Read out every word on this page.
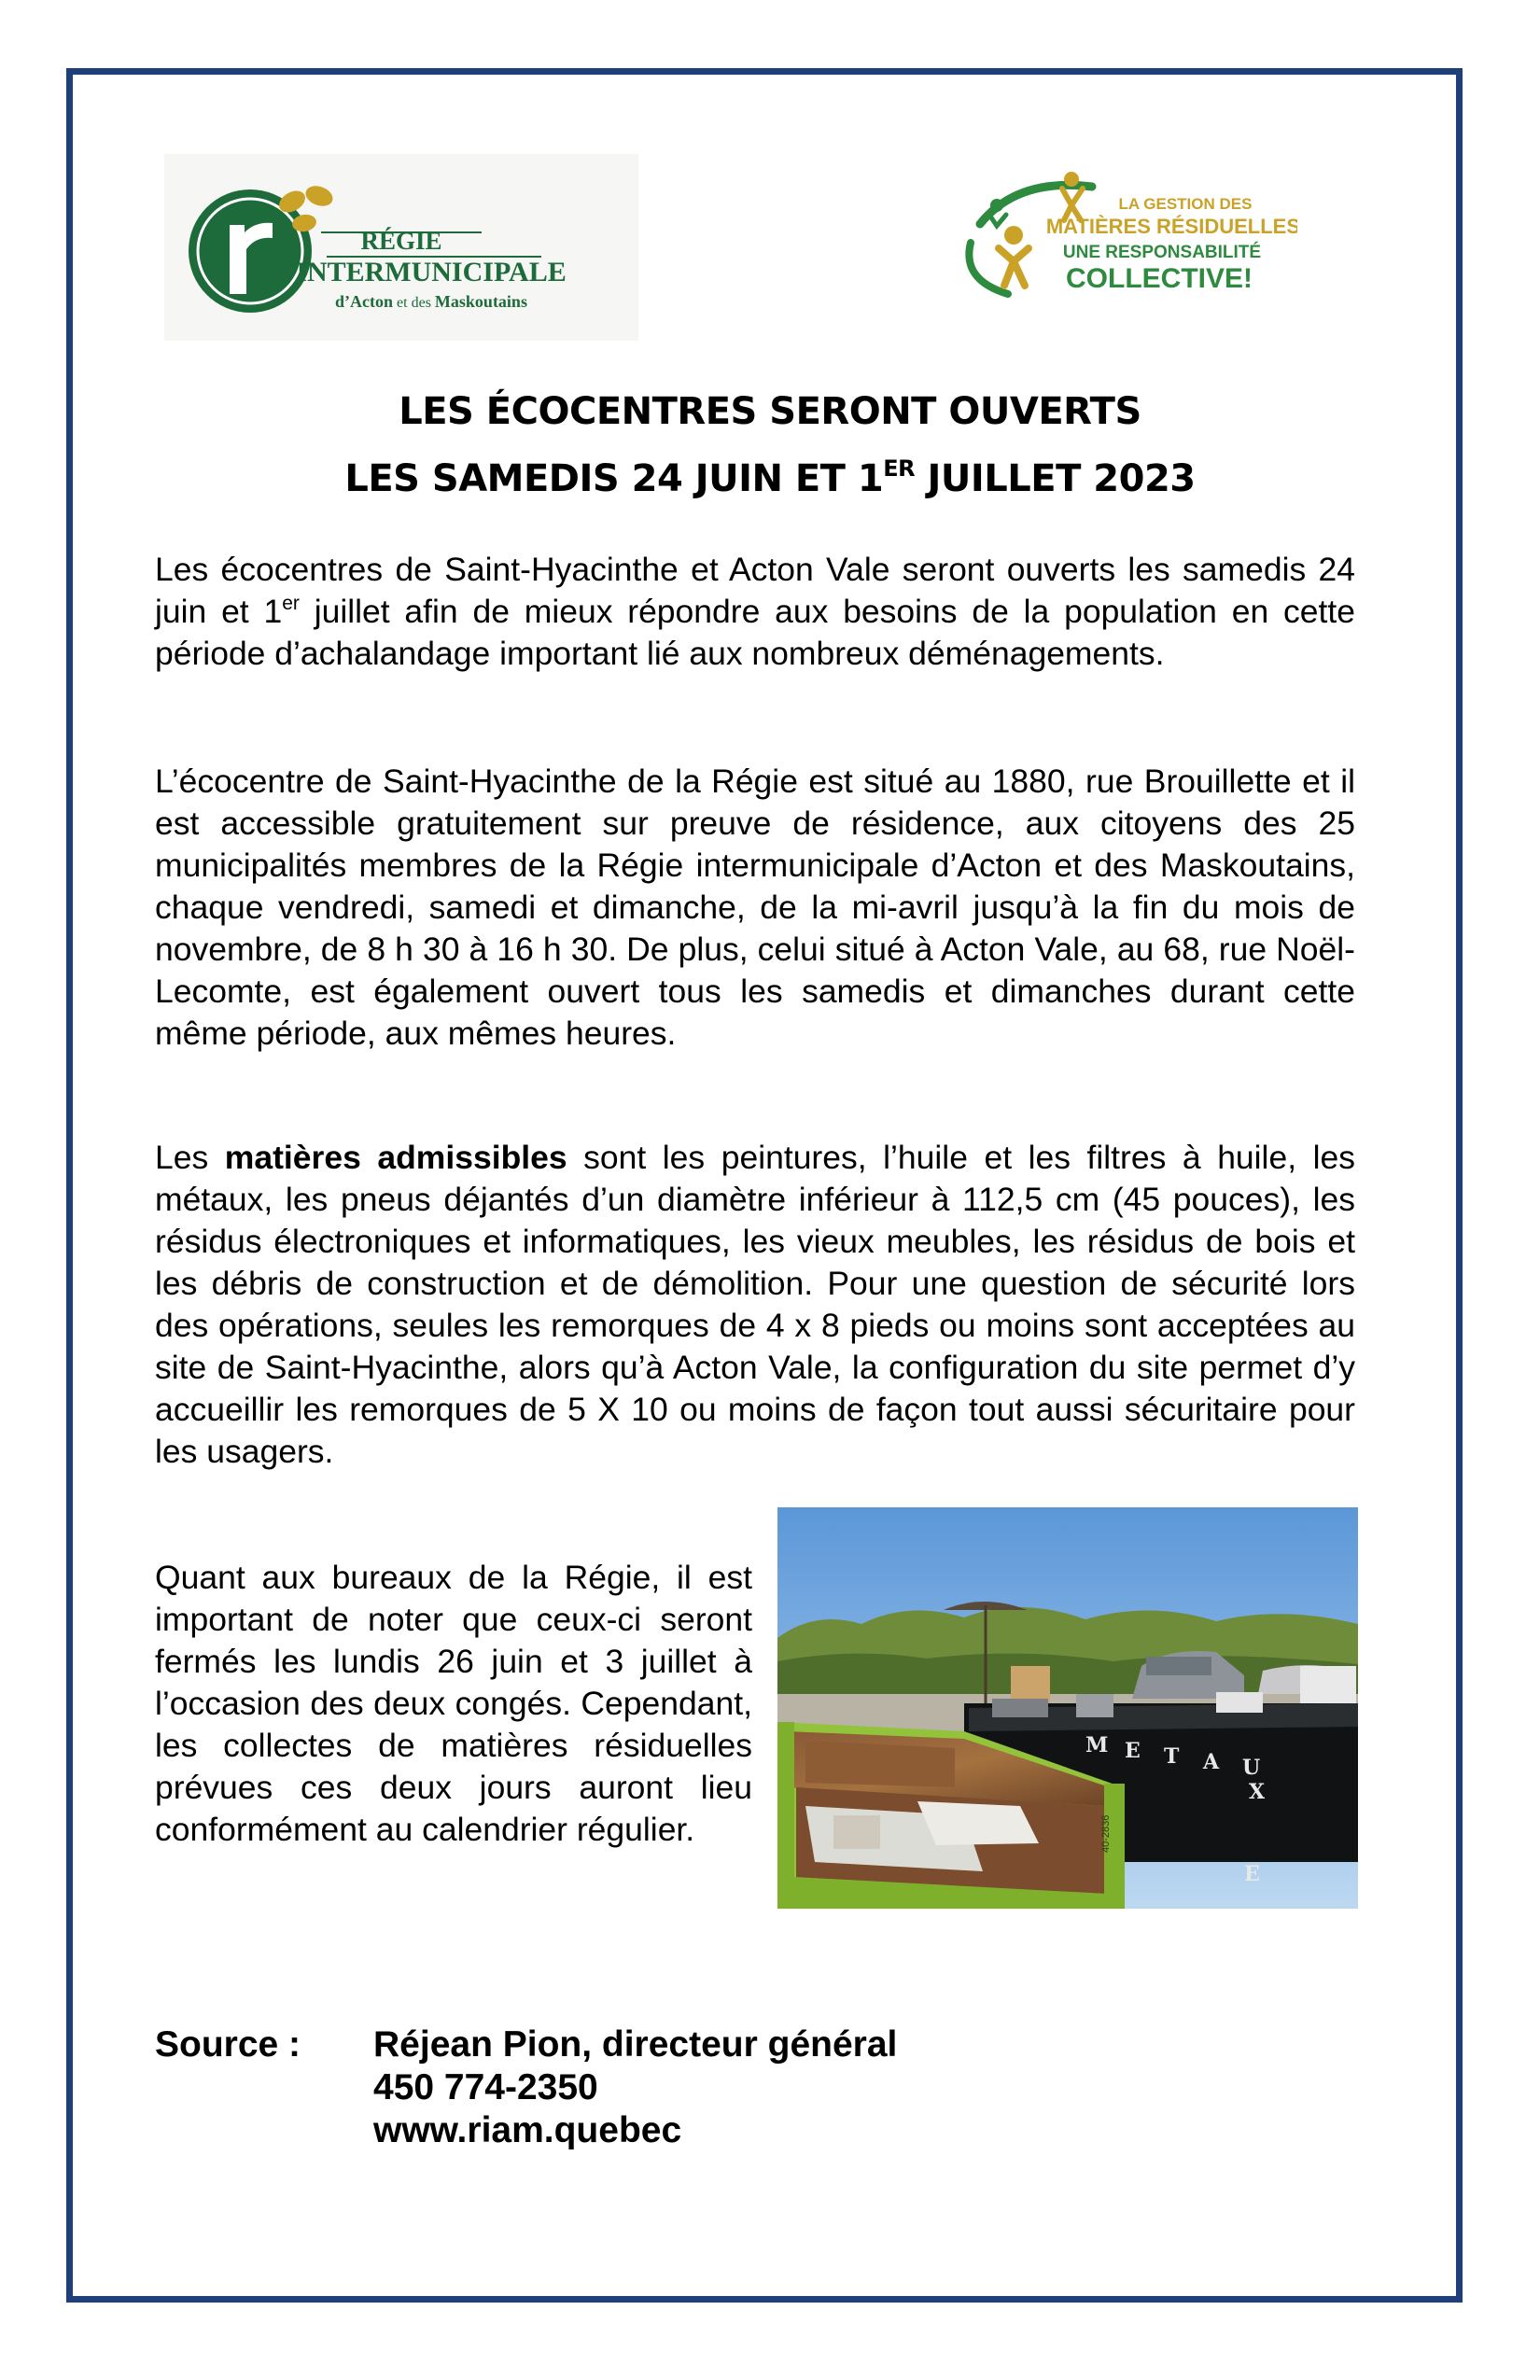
RÉGIE
INTERMUNICIPALE
d’Acton et des Maskoutains
LA GESTION DES
MATIÈRES RÉSIDUELLES,
UNE RESPONSABILITÉ
COLLECTIVE!
LES ÉCOCENTRES SERONT OUVERTS
LES SAMEDIS 24 JUIN ET 1ER JUILLET 2023

Les écocentres de Saint-Hyacinthe et Acton Vale seront ouverts les samedis 24 juin et 1er juillet afin de mieux répondre aux besoins de la population en cette période d’achalandage important lié aux nombreux déménagements.

L’écocentre de Saint-Hyacinthe de la Régie est situé au 1880, rue Brouillette et il est accessible gratuitement sur preuve de résidence, aux citoyens des 25 municipalités membres de la Régie intermunicipale d’Acton et des Maskoutains, chaque vendredi, samedi et dimanche, de la mi-avril jusqu’à la fin du mois de novembre, de 8 h 30 à 16 h 30. De plus, celui situé à Acton Vale, au 68, rue Noël-Lecomte, est également ouvert tous les samedis et dimanches durant cette même période, aux mêmes heures.

Les matières admissibles sont les peintures, l’huile et les filtres à huile, les métaux, les pneus déjantés d’un diamètre inférieur à 112,5 cm (45 pouces), les résidus électroniques et informatiques, les vieux meubles, les résidus de bois et les débris de construction et de démolition. Pour une question de sécurité lors des opérations, seules les remorques de 4 x 8 pieds ou moins sont acceptées au site de Saint-Hyacinthe, alors qu’à Acton Vale, la configuration du site permet d’y accueillir les remorques de 5 X 10 ou moins de façon tout aussi sécuritaire pour les usagers.

Quant aux bureaux de la Régie, il est important de noter que ceux-ci seront fermés les lundis 26 juin et 3 juillet à l’occasion des deux congés. Cependant, les collectes de matières résiduelles prévues ces deux jours auront lieu conformément au calendrier régulier.

M E T A U
X
E
40-2836
Source : Réjean Pion, directeur général
450 774-2350
www.riam.quebec
